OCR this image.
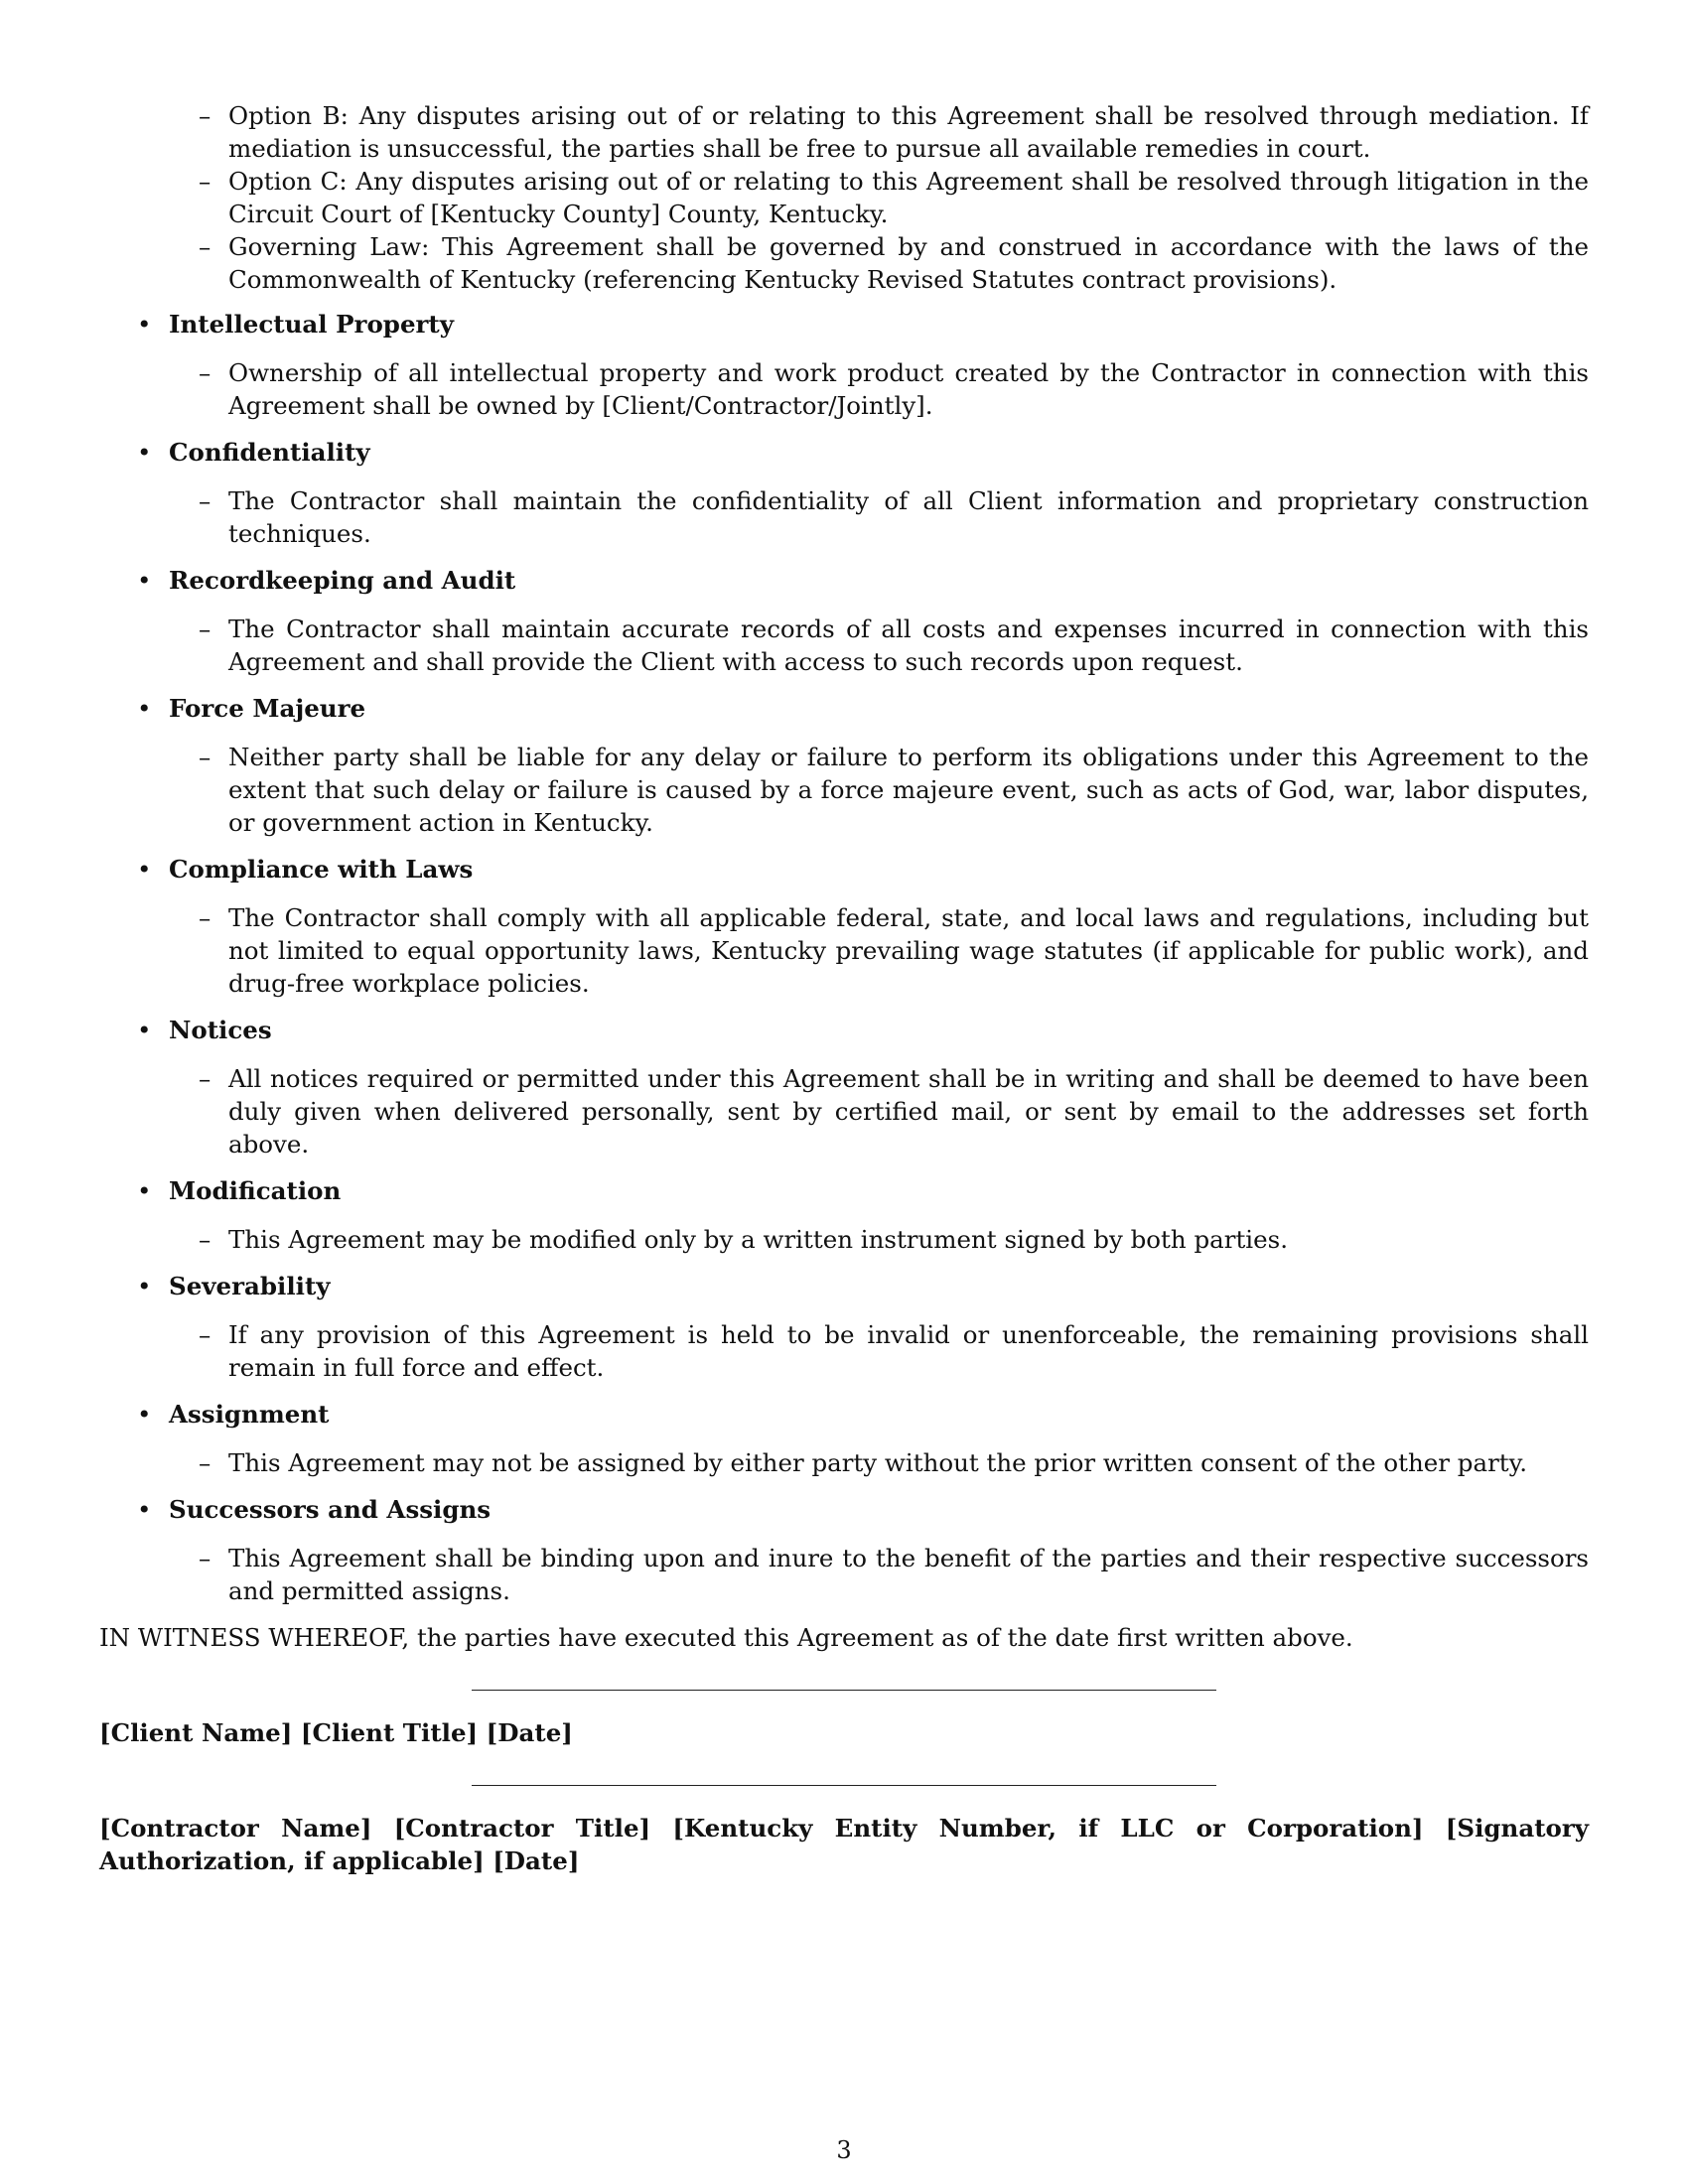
– Option B: Any disputes arising out of or relating to this Agreement shall be resolved through mediation. If mediation is unsuccessful, the parties shall be free to pursue all available remedies in court.
– Option C: Any disputes arising out of or relating to this Agreement shall be resolved through litigation in the Circuit Court of [Kentucky County] County, Kentucky.
– Governing Law: This Agreement shall be governed by and construed in accordance with the laws of the Commonwealth of Kentucky (referencing Kentucky Revised Statutes contract provisions).
• Intellectual Property
– Ownership of all intellectual property and work product created by the Contractor in connection with this Agreement shall be owned by [Client/Contractor/Jointly].
• Confidentiality
– The Contractor shall maintain the confidentiality of all Client information and proprietary construction techniques.
• Recordkeeping and Audit
– The Contractor shall maintain accurate records of all costs and expenses incurred in connection with this Agreement and shall provide the Client with access to such records upon request.
• Force Majeure
– Neither party shall be liable for any delay or failure to perform its obligations under this Agreement to the extent that such delay or failure is caused by a force majeure event, such as acts of God, war, labor disputes, or government action in Kentucky.
• Compliance with Laws
– The Contractor shall comply with all applicable federal, state, and local laws and regulations, including but not limited to equal opportunity laws, Kentucky prevailing wage statutes (if applicable for public work), and drug-free workplace policies.
• Notices
– All notices required or permitted under this Agreement shall be in writing and shall be deemed to have been duly given when delivered personally, sent by certified mail, or sent by email to the addresses set forth above.
• Modification
– This Agreement may be modified only by a written instrument signed by both parties.
• Severability
– If any provision of this Agreement is held to be invalid or unenforceable, the remaining provisions shall remain in full force and effect.
• Assignment
– This Agreement may not be assigned by either party without the prior written consent of the other party.
• Successors and Assigns
– This Agreement shall be binding upon and inure to the benefit of the parties and their respective successors and permitted assigns.

IN WITNESS WHEREOF, the parties have executed this Agreement as of the date first written above.

[Client Name] [Client Title] [Date]
[Contractor Name] [Contractor Title] [Kentucky Entity Number, if LLC or Corporation] [Signatory Authorization, if applicable] [Date]
3
